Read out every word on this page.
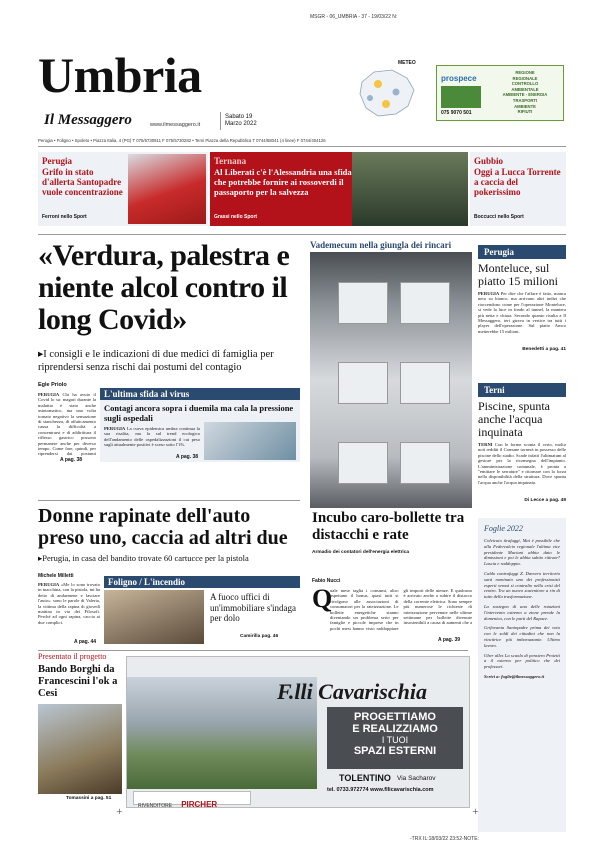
MSGR - 06_UMBRIA - 37 - 19/03/22 N:
Umbria
Il Messaggero	www.ilmessaggero.it
Sabato 19
Marzo 2022
Perugia • Foligno • Spoleto • Piazza Italia, 4 (PG) T 075/5730811 F 075/5730282 • Terni Piazza della Repubblica T 0744/58041 (4 linee) F 0744/404126
METEO
prospece
075 9070 501
REGIONE
REGIONALE
CONTROLLO
AMBIENTALE
AMBIENTE - ENERGIA
TRASPORTI
AMBIENTE
RIFIUTI
Perugia
Grifo in stato d'allerta Santopadre vuole concentrazione
Ferroni nello Sport
Ternana
Al Liberati c'è l'Alessandria una sfida che potrebbe fornire ai rossoverdi il passaporto per la salvezza
Grassi nello Sport
Gubbio
Oggi a Lucca Torrente a caccia del pokerissimo
Boccucci nello Sport
«Verdura, palestra e niente alcol contro il long Covid»
▸I consigli e le indicazioni di due medici di famiglia per riprendersi senza rischi dai postumi del contagio
Egle Priolo
PERUGIA Chi ha avuto il Covid lo sa: magari durante la malattia è stato anche asintomatico, ma una volta tornato negativo la sensazione di stanchezza, di affaticamento causa la difficoltà a concentrarsi e di addirittura il riflesso gastrico possono permanere anche per diverso tempo. Come fare, quindi, per riprendersi dai postumi
A pag. 38
L'ultima sfida al virus
Contagi ancora sopra i duemila ma cala la pressione sugli ospedali
PERUGIA La curva epidemica umbra continua la sua risalita, ma la sul trend ecologico dell'andamento delle ospedalizzazioni il cui peso sugli attualmente positivi è sceso sotto l'1%.
A pag. 38
Vademecum nella giungla dei rincari
Incubo caro-bollette tra distacchi e rate
Armadio dei contatori dell'energia elettrica
Fabio Nucci
Q
uale mese taglia i consumi, altro aspettano il bonus, quasi tutti si rivolgono alle associazioni di consumatori per la rateizzazione. Le bollette energetiche stanno diventando un problema serio per famiglie e piccole imprese che in pochi mesi hanno visto raddoppiare gli importi delle utenze. E qualcuno è arrivato anche a subire il distacco della corrente elettrica. Sono sempre più numerose le richieste di rateizzazione pervenute nelle ultime settimane per bollette divenute insostenibili a causa di aumenti che a
A pag. 39
Perugia
Monteluce, sul piatto 15 milioni
PERUGIA Per dire che l'affare è fatto, manca nero su bianco, ma arrivano altri indizi che riaccendono come per l'operazione Monteluce, si vede la luce in fondo al tunnel, la maniera più netta e chiara. Secondo quanto risulta a Il Messaggero, ieri girava in vertice tra tutti i player dell'operazione. Sul piatto Amco metterebbe 15 milioni.
Benedetti a pag. 41
Terni
Piscine, spunta anche l'acqua inquinata
TERNI Con le forme sconta il certo, molto noti redditi il Comune tornerà in possesso delle piscine dello stadio. Scade infatti l'ultimatum al gestore per la riconsegna dell'impianto. L'amministrazione comunale, è pronta a "emittare le serrature" e ritornare con la forza nella disponibilità della struttura. Dove spunta l'acqua anche l'acqua inquinata.
Di Lecce a pag. 49
Donne rapinate dell'auto preso uno, caccia ad altri due
▸Perugia, in casa del bandito trovate 60 cartucce per la pistola
Michele Milletti
PERUGIA «Me lo sono trovato in macchina, con la pistola, mi ha detto di andarmene e lasciare l'auto»: sono le parole di Valeria, la vittima della rapina di giovedì mattina in via dei Filosofi. Perché ad ogni rapina, caccia ai due complici.
A pag. 44
Foligno / L'incendio
A fuoco uffici di un'immobiliare s'indaga per dolo
Camirilla pag. 46
Foglie 2022

Colvicuto tirafuggi, Mai è possibile che alla Federcalcio regionale l'ultima vice presidente Maciani abbia dato le dimissioni e poi le abbia subito ritirate? Lascia e raddoppia.

Caldo contrafuggi Z. Davvero territorio sarà nominato uno dei professionisti esperti ormai si contralto nella crisi del centro. Tra un nuovo sostenitore a rin di tutto della trasformazione.

La sostegno di una delle rotazioni l'intervento estremo a zione prende la domenica, con le parti del Rapace.

Grifovania Santopadre prima dei voto con le soldi dei cittadini che non la vincitrice più imbarazzante. Ultimo lavoro.

Uber alles La scuola di pensiero Proietti a il esterno per politico che dei professori.

Scrivi a: foglie@ilmessaggero.it

Presentato il progetto
Bando Borghi da Francescini l'ok a Cesi
Tomassini a pag. 51
F.lli Cavarischia
PROGETTIAMO
E REALIZZIAMO
I TUOI
SPAZI ESTERNI
TOLENTINO Via Sacharov
tel. 0733.972774 www.fllicavarischia.com
RIVENDITORE PIRCHER
+	+
-TRX IL:18/03/22 23:52-NOTE:
